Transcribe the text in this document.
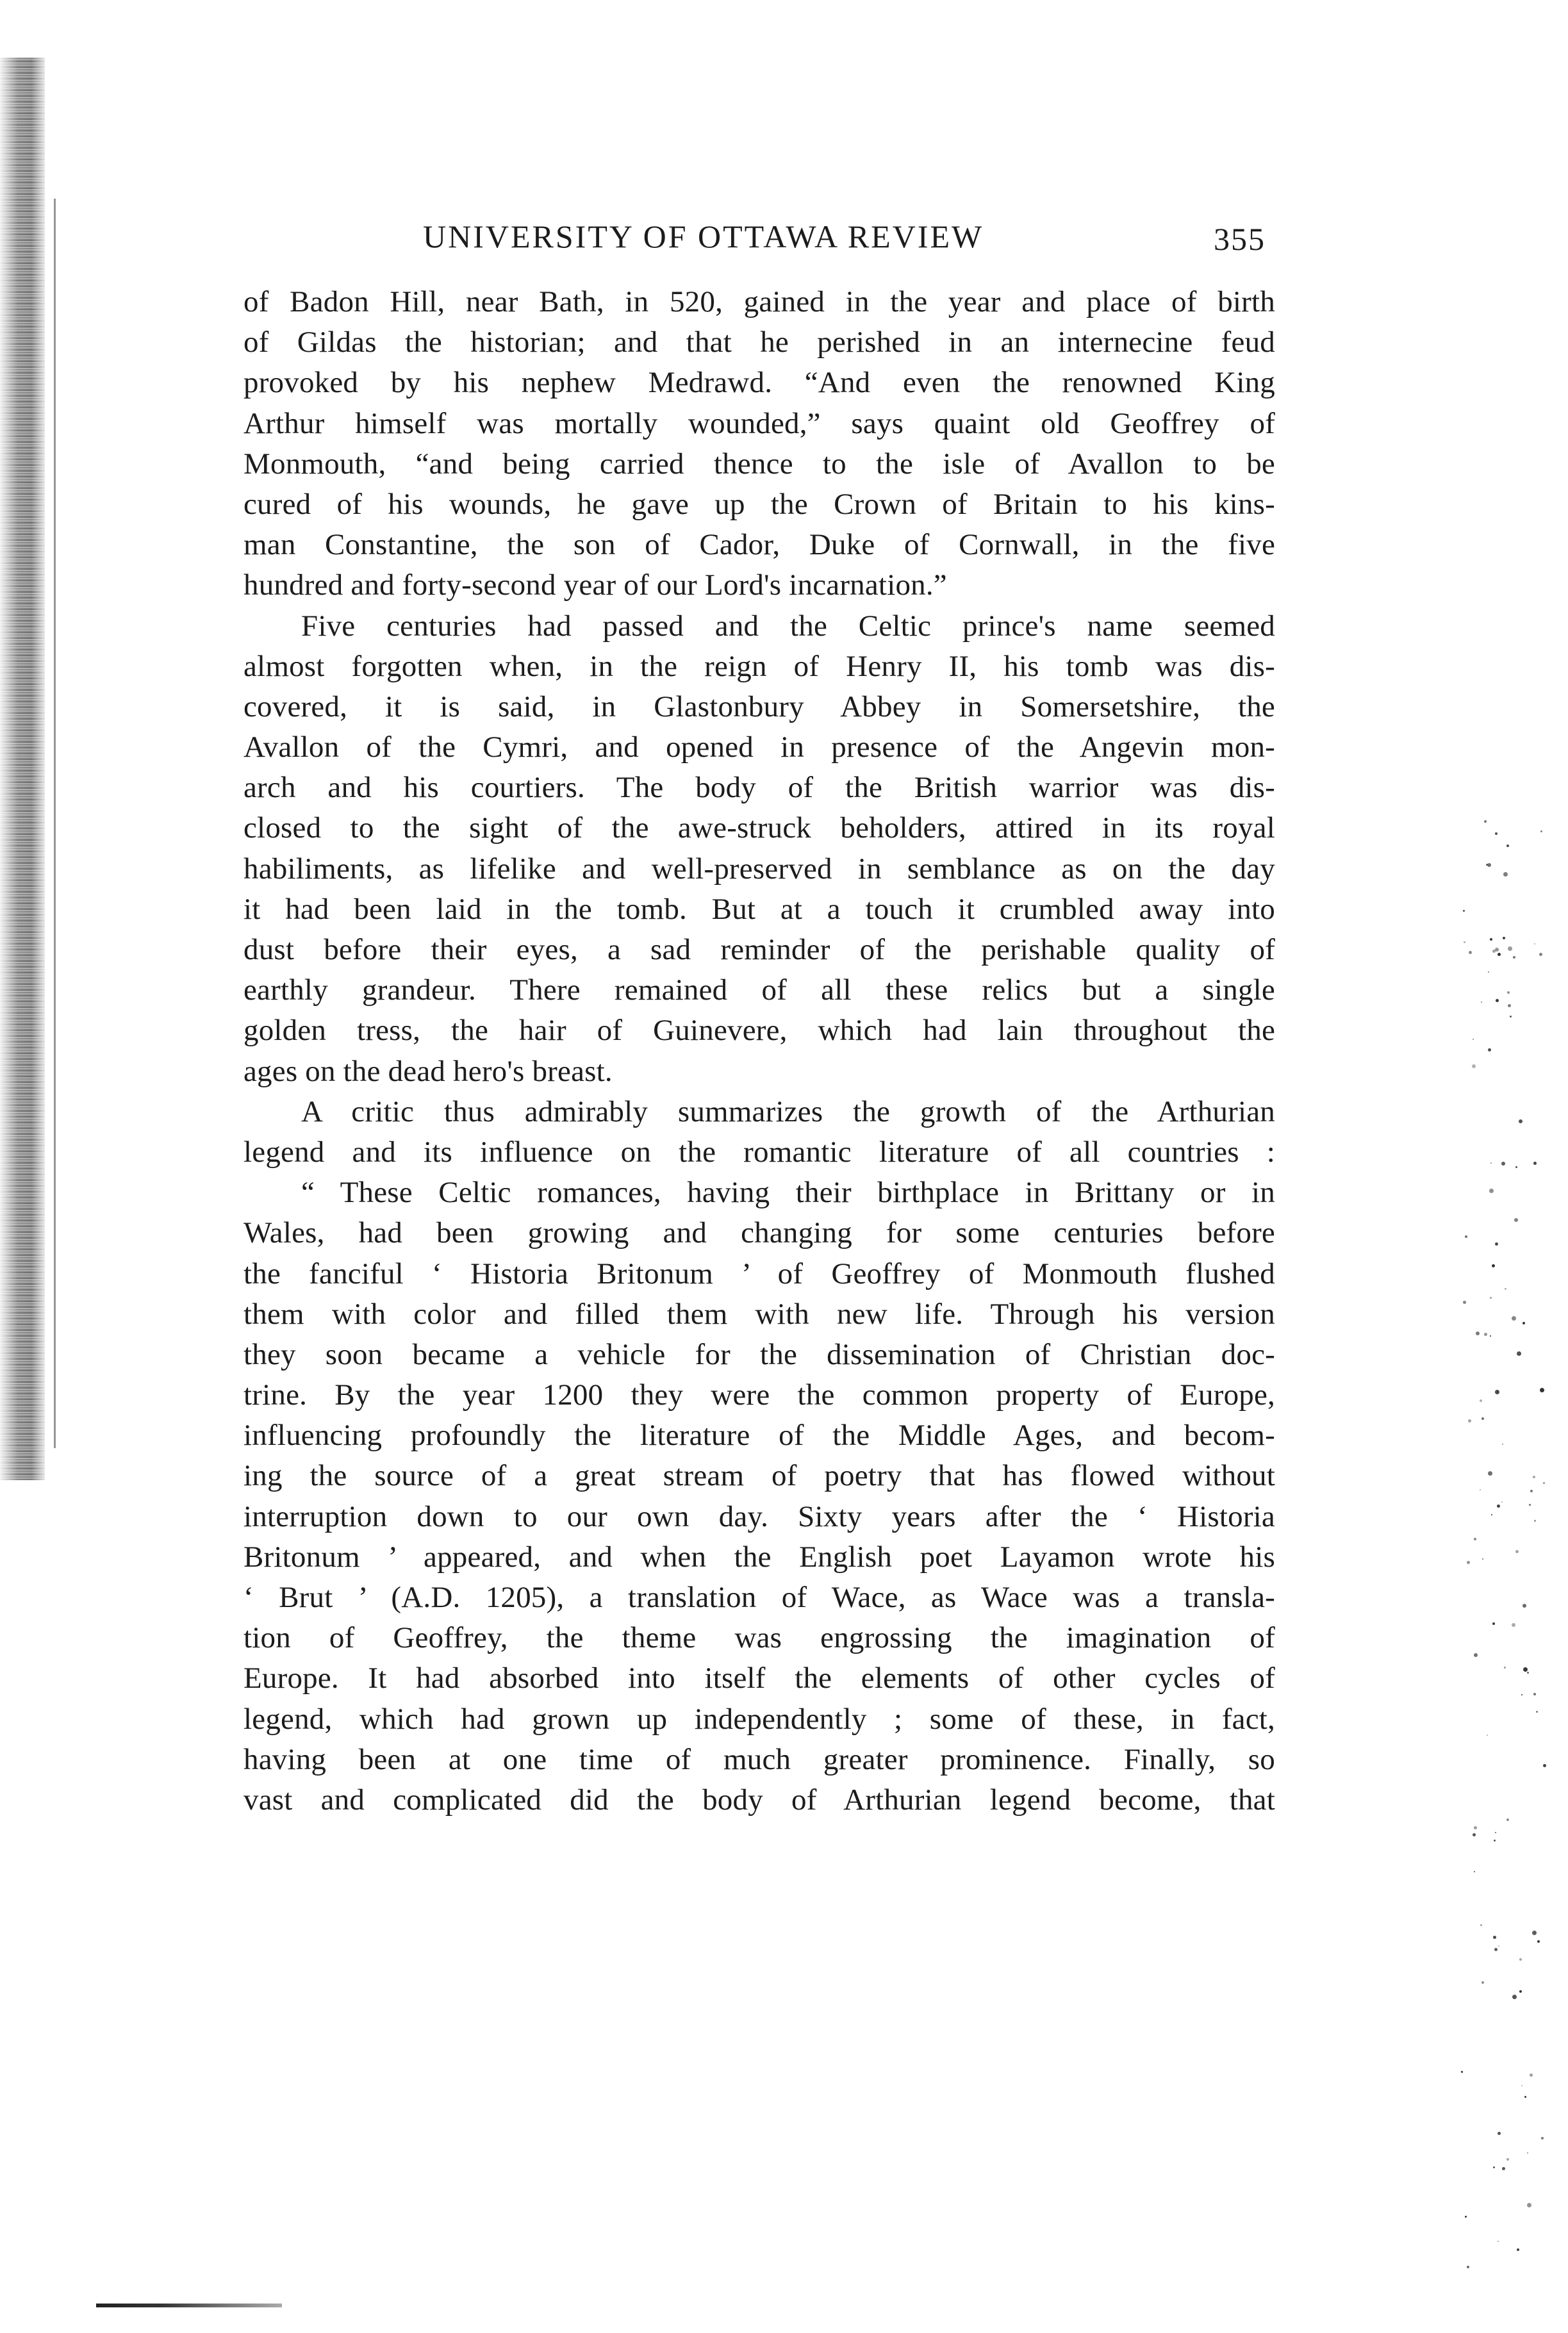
UNIVERSITY OF OTTAWA REVIEW	355
of Badon Hill, near Bath, in 520, gained in the year and place of birth
of Gildas the historian; and that he perished in an internecine feud
provoked by his nephew Medrawd. “And even the renowned King
Arthur himself was mortally wounded,” says quaint old Geoffrey of
Monmouth, “and being carried thence to the isle of Avallon to be
cured of his wounds, he gave up the Crown of Britain to his kins-
man Constantine, the son of Cador, Duke of Cornwall, in the five
hundred and forty-second year of our Lord's incarnation.”
Five centuries had passed and the Celtic prince's name seemed
almost forgotten when, in the reign of Henry II, his tomb was dis-
covered, it is said, in Glastonbury Abbey in Somersetshire, the
Avallon of the Cymri, and opened in presence of the Angevin mon-
arch and his courtiers. The body of the British warrior was dis-
closed to the sight of the awe-struck beholders, attired in its royal
habiliments, as lifelike and well-preserved in semblance as on the day
it had been laid in the tomb. But at a touch it crumbled away into
dust before their eyes, a sad reminder of the perishable quality of
earthly grandeur. There remained of all these relics but a single
golden tress, the hair of Guinevere, which had lain throughout the
ages on the dead hero's breast.
A critic thus admirably summarizes the growth of the Arthurian
legend and its influence on the romantic literature of all countries :
“ These Celtic romances, having their birthplace in Brittany or in
Wales, had been growing and changing for some centuries before
the fanciful ‘ Historia Britonum ’ of Geoffrey of Monmouth flushed
them with color and filled them with new life. Through his version
they soon became a vehicle for the dissemination of Christian doc-
trine. By the year 1200 they were the common property of Europe,
influencing profoundly the literature of the Middle Ages, and becom-
ing the source of a great stream of poetry that has flowed without
interruption down to our own day. Sixty years after the ‘ Historia
Britonum ’ appeared, and when the English poet Layamon wrote his
‘ Brut ’ (A.D. 1205), a translation of Wace, as Wace was a transla-
tion of Geoffrey, the theme was engrossing the imagination of
Europe. It had absorbed into itself the elements of other cycles of
legend, which had grown up independently ; some of these, in fact,
having been at one time of much greater prominence. Finally, so
vast and complicated did the body of Arthurian legend become, that
